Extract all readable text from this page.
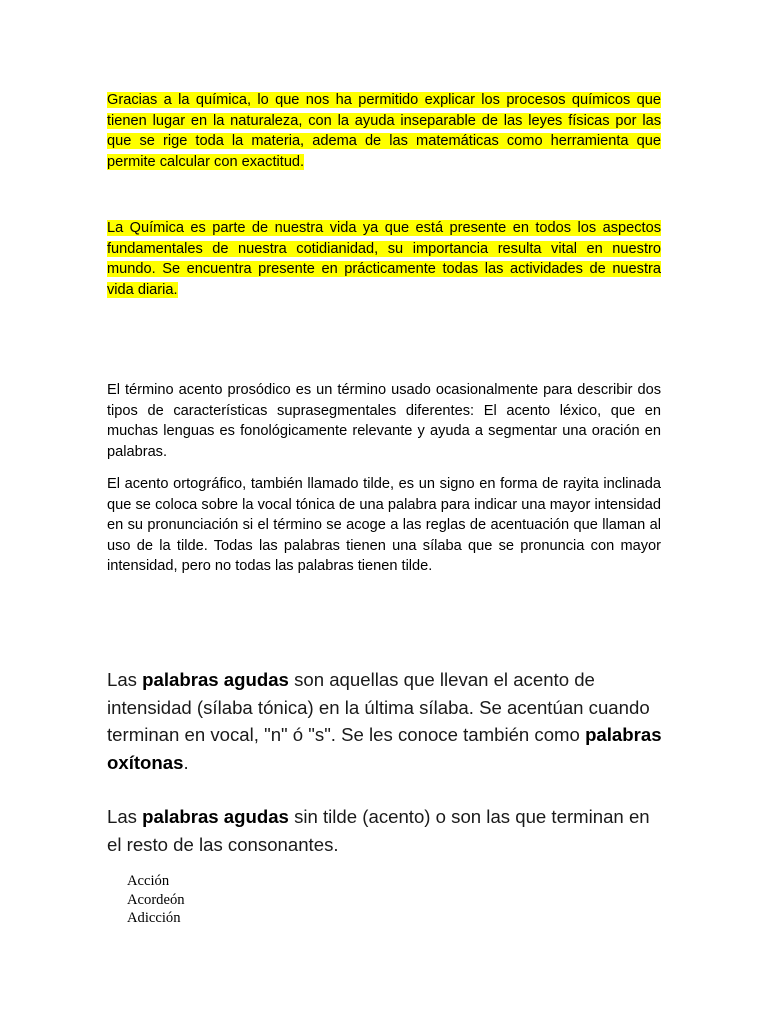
Gracias a la química, lo que nos ha permitido explicar los procesos químicos que tienen lugar en la naturaleza, con la ayuda inseparable de las leyes físicas por las que se rige toda la materia, adema de las matemáticas como herramienta que permite calcular con exactitud.

La Química es parte de nuestra vida ya que está presente en todos los aspectos fundamentales de nuestra cotidianidad, su importancia resulta vital en nuestro mundo. Se encuentra presente en prácticamente todas las actividades de nuestra vida diaria.

El término acento prosódico es un término usado ocasionalmente para describir dos tipos de características suprasegmentales diferentes: El acento léxico, que en muchas lenguas es fonológicamente relevante y ayuda a segmentar una oración en palabras.

El acento ortográfico, también llamado tilde, es un signo en forma de rayita inclinada que se coloca sobre la vocal tónica de una palabra para indicar una mayor intensidad en su pronunciación si el término se acoge a las reglas de acentuación que llaman al uso de la tilde. Todas las palabras tienen una sílaba que se pronuncia con mayor intensidad, pero no todas las palabras tienen tilde.

Las palabras agudas son aquellas que llevan el acento de intensidad (sílaba tónica) en la última sílaba. Se acentúan cuando terminan en vocal, "n" ó "s". Se les conoce también como palabras oxítonas.

Las palabras agudas sin tilde (acento) o son las que terminan en el resto de las consonantes.

Acción
Acordeón
Adicción
